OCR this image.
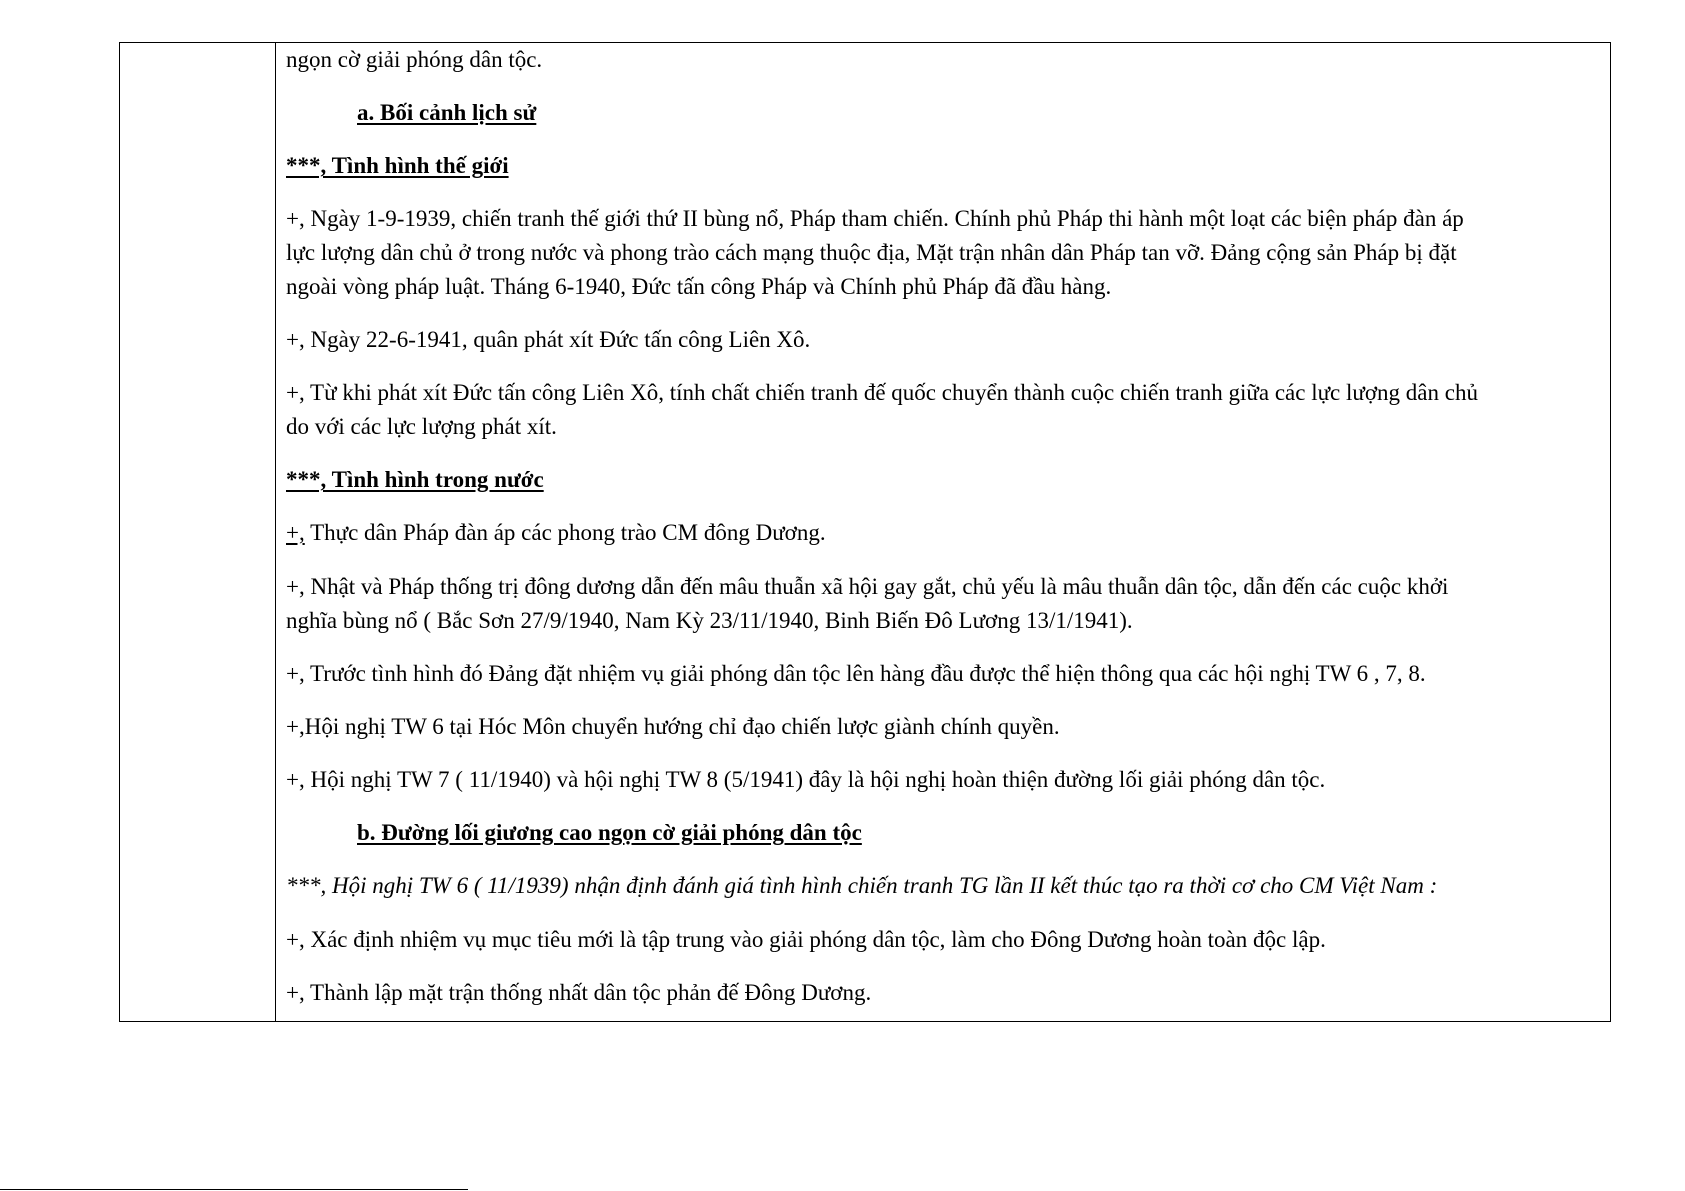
ngọn cờ giải phóng dân tộc.
a. Bối cảnh lịch sử
***, Tình hình thế giới
+, Ngày 1-9-1939, chiến tranh thế giới thứ II bùng nổ, Pháp tham chiến. Chính phủ Pháp thi hành một loạt các biện pháp đàn áp
lực lượng dân chủ ở trong nước và phong trào cách mạng thuộc địa, Mặt trận nhân dân Pháp tan vỡ. Đảng cộng sản Pháp bị đặt
ngoài vòng pháp luật. Tháng 6-1940, Đức tấn công Pháp và Chính phủ Pháp đã đầu hàng.
+, Ngày 22-6-1941, quân phát xít Đức tấn công Liên Xô.
+, Từ khi phát xít Đức tấn công Liên Xô, tính chất chiến tranh đế quốc chuyển thành cuộc chiến tranh giữa các lực lượng dân chủ
do với các lực lượng phát xít.
***, Tình hình trong nước
+, Thực dân Pháp đàn áp các phong trào CM đông Dương.
+, Nhật và Pháp thống trị đông dương dẫn đến mâu thuẫn xã hội gay gắt, chủ yếu là mâu thuẫn dân tộc, dẫn đến các cuộc khởi
nghĩa bùng nổ ( Bắc Sơn 27/9/1940, Nam Kỳ 23/11/1940, Binh Biến Đô Lương 13/1/1941).
+, Trước tình hình đó Đảng đặt nhiệm vụ giải phóng dân tộc lên hàng đầu được thể hiện thông qua các hội nghị TW 6 , 7, 8.
+,Hội nghị TW 6 tại Hóc Môn chuyển hướng chỉ đạo chiến lược giành chính quyền.
+, Hội nghị TW 7 ( 11/1940) và hội nghị TW 8 (5/1941) đây là hội nghị hoàn thiện đường lối giải phóng dân tộc.
b. Đường lối giương cao ngọn cờ giải phóng dân tộc
***, Hội nghị TW 6 ( 11/1939) nhận định đánh giá tình hình chiến tranh TG lần II kết thúc tạo ra thời cơ cho CM Việt Nam :
+, Xác định nhiệm vụ mục tiêu mới là tập trung vào giải phóng dân tộc, làm cho Đông Dương hoàn toàn độc lập.
+, Thành lập mặt trận thống nhất dân tộc phản đế Đông Dương.
